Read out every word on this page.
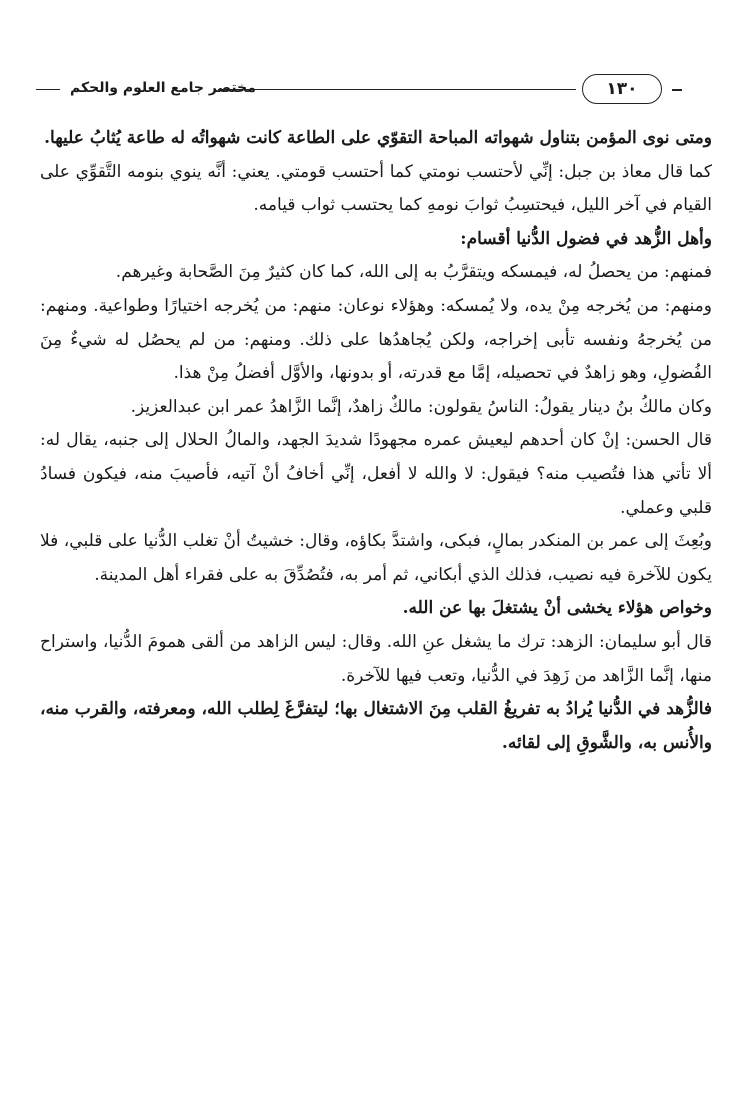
مختصر جامع العلوم والحكم	١٣٠

ومتى نوى المؤمن بتناول شهواته المباحة التقوّي على الطاعة كانت شهواتُه له طاعة يُثابُ عليها.

كما قال معاذ بن جبل: إنِّي لأحتسب نومتي كما أحتسب قومتي. يعني: أنَّه ينوي بنومه التَّقوِّي على القيام في آخر الليل، فيحتسِبُ ثوابَ نومهِ كما يحتسب ثواب قيامه.

وأهل الزُّهد في فضول الدُّنيا أقسام:

فمنهم: من يحصلُ له، فيمسكه ويتقرَّبُ به إلى الله، كما كان كثيرٌ مِنَ الصَّحابة وغيرهم.

ومنهم: من يُخرجه مِنْ يده، ولا يُمسكه: وهؤلاء نوعان: منهم: من يُخرجه اختيارًا وطواعية. ومنهم: من يُخرجهُ ونفسه تأبى إخراجه، ولكن يُجاهدُها على ذلك. ومنهم: من لم يحصُل له شيءٌ مِنَ الفُضولِ، وهو زاهدٌ في تحصيله، إمَّا مع قدرته، أو بدونها، والأوَّل أفضلُ مِنْ هذا.

وكان مالكُ بنُ دينار يقولُ: الناسُ يقولون: مالكٌ زاهدٌ، إنَّما الزَّاهدُ عمر ابن عبدالعزيز.

قال الحسن: إنْ كان أحدهم ليعيش عمره مجهودًا شديدَ الجهد، والمالُ الحلال إلى جنبه، يقال له: ألا تأتي هذا فتُصيب منه؟ فيقول: لا والله لا أفعل، إنِّي أخافُ أنْ آتيه، فأصيبَ منه، فيكون فسادُ قلبي وعملي.

وبُعِثَ إلى عمر بن المنكدر بمالٍ، فبكى، واشتدَّ بكاؤه، وقال: خشيتُ أنْ تغلب الدُّنيا على قلبي، فلا يكون للآخرة فيه نصيب، فذلك الذي أبكاني، ثم أمر به، فتُصُدِّقَ به على فقراء أهل المدينة.

وخواص هؤلاء يخشى أنْ يشتغلَ بها عن الله.

قال أبو سليمان: الزهد: ترك ما يشغل عنِ الله. وقال: ليس الزاهد من ألقى همومَ الدُّنيا، واستراح منها، إنَّما الزَّاهد من زَهِدَ في الدُّنيا، وتعب فيها للآخرة.

فالزُّهد في الدُّنيا يُرادُ به تفريغُ القلب مِنَ الاشتغال بها؛ ليتفرَّغَ لِطلب الله، ومعرفته، والقرب منه، والأُنس به، والشَّوقِ إلى لقائه.
